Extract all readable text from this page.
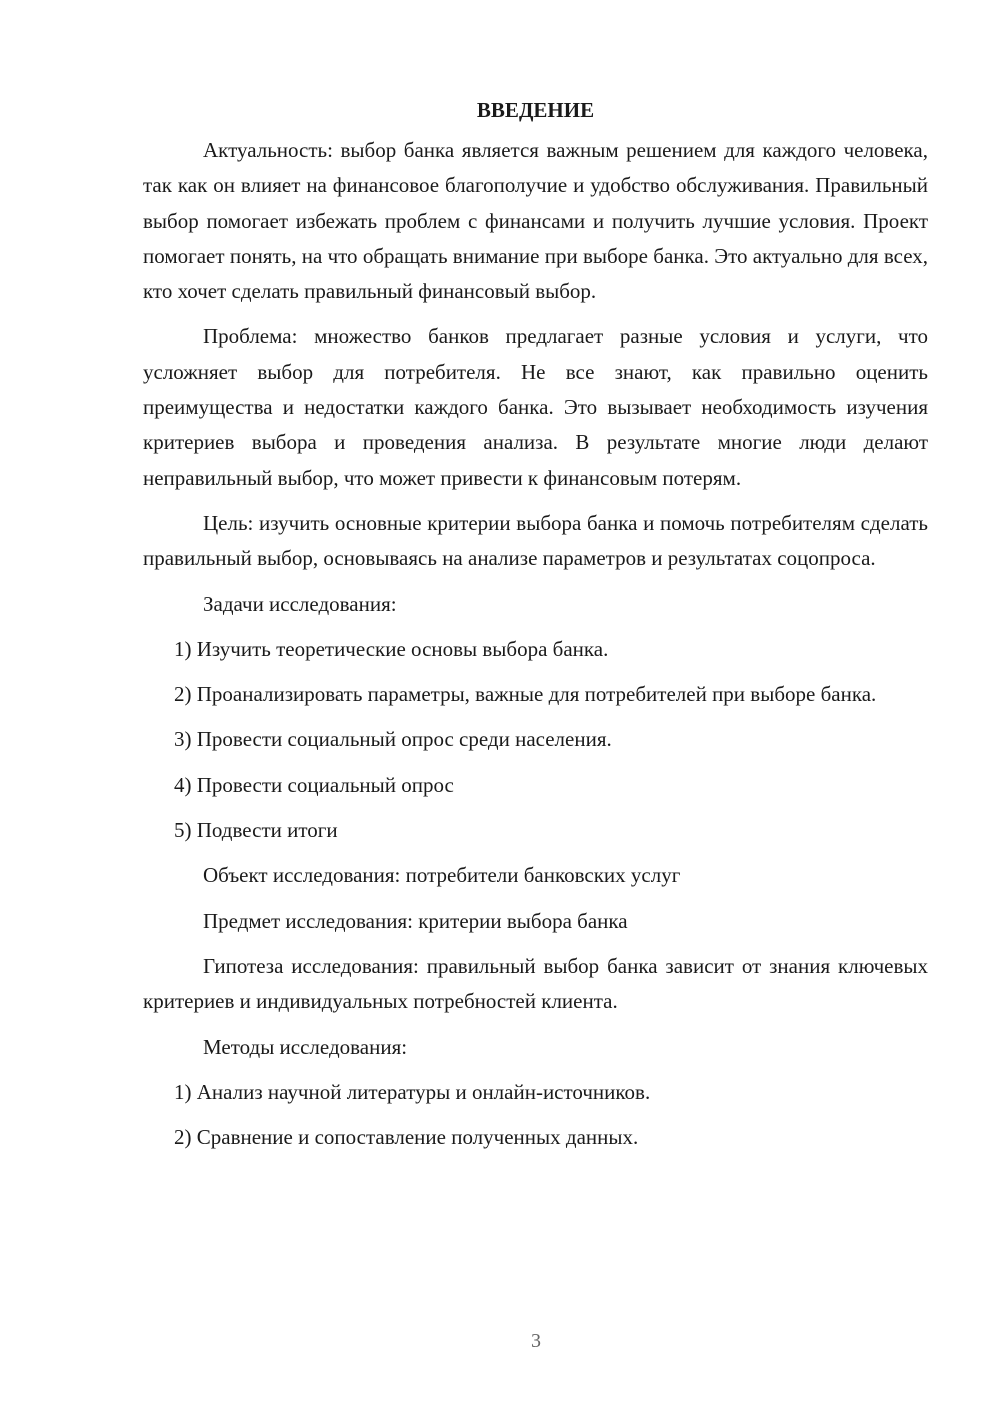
ВВЕДЕНИЕ

Актуальность: выбор банка является важным решением для каждого человека, так как он влияет на финансовое благополучие и удобство обслуживания. Правильный выбор помогает избежать проблем с финансами и получить лучшие условия. Проект помогает понять, на что обращать внимание при выборе банка. Это актуально для всех, кто хочет сделать правильный финансовый выбор.

Проблема: множество банков предлагает разные условия и услуги, что усложняет выбор для потребителя. Не все знают, как правильно оценить преимущества и недостатки каждого банка. Это вызывает необходимость изучения критериев выбора и проведения анализа. В результате многие люди делают неправильный выбор, что может привести к финансовым потерям.

Цель: изучить основные критерии выбора банка и помочь потребителям сделать правильный выбор, основываясь на анализе параметров и результатах соцопроса.

Задачи исследования:

1) Изучить теоретические основы выбора банка.

2) Проанализировать параметры, важные для потребителей при выборе банка.

3) Провести социальный опрос среди населения.

4) Провести социальный опрос

5) Подвести итоги

Объект исследования: потребители банковских услуг

Предмет исследования: критерии выбора банка

Гипотеза исследования: правильный выбор банка зависит от знания ключевых критериев и индивидуальных потребностей клиента.

Методы исследования:

1) Анализ научной литературы и онлайн-источников.

2) Сравнение и сопоставление полученных данных.

3
